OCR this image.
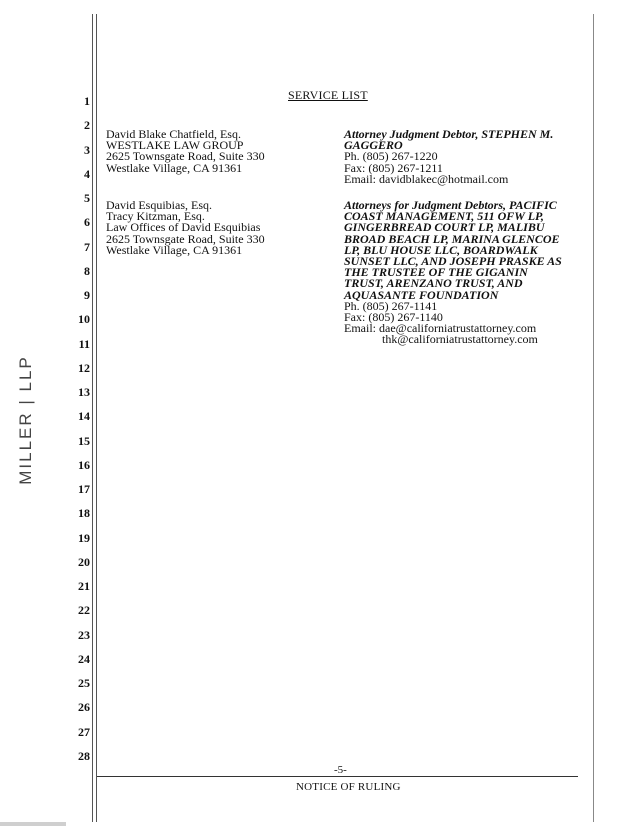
MILLER | LLP
1
2
3
4
5
6
7
8
9
10
11
12
13
14
15
16
17
18
19
20
21
22
23
24
25
26
27
28
SERVICE LIST
David Blake Chatfield, Esq.
WESTLAKE LAW GROUP
2625 Townsgate Road, Suite 330
Westlake Village, CA 91361
David Esquibias, Esq.
Tracy Kitzman, Esq.
Law Offices of David Esquibias
2625 Townsgate Road, Suite 330
Westlake Village, CA 91361
Attorney Judgment Debtor, STEPHEN M.
GAGGERO
Ph. (805) 267-1220
Fax: (805) 267-1211
Email: davidblakec@hotmail.com
Attorneys for Judgment Debtors, PACIFIC
COAST MANAGEMENT, 511 OFW LP,
GINGERBREAD COURT LP, MALIBU
BROAD BEACH LP, MARINA GLENCOE
LP, BLU HOUSE LLC, BOARDWALK
SUNSET LLC, AND JOSEPH PRASKE AS
THE TRUSTEE OF THE GIGANIN
TRUST, ARENZANO TRUST, AND
AQUASANTE FOUNDATION
Ph. (805) 267-1141
Fax: (805) 267-1140
Email: dae@californiatrustattorney.com
thk@californiatrustattorney.com
-5-
NOTICE OF RULING
